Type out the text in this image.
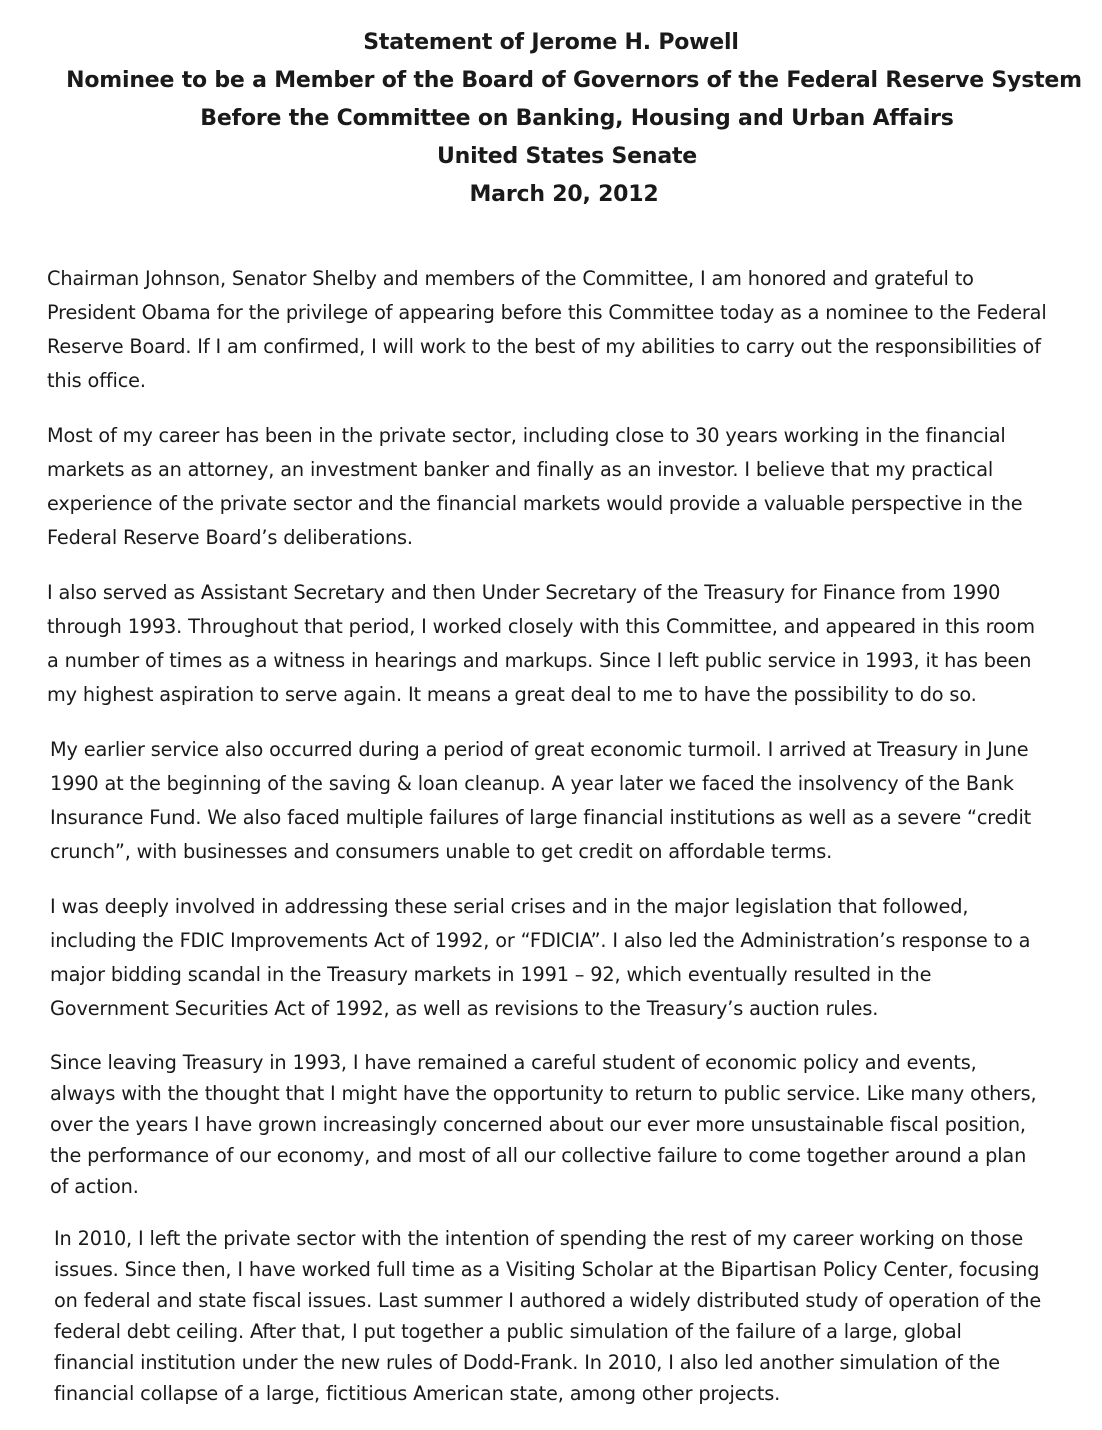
Statement of Jerome H. Powell
Nominee to be a Member of the Board of Governors of the Federal Reserve System
Before the Committee on Banking, Housing and Urban Affairs
United States Senate
March 20, 2012

Chairman Johnson, Senator Shelby and members of the Committee, I am honored and grateful to President Obama for the privilege of appearing before this Committee today as a nominee to the Federal Reserve Board. If I am confirmed, I will work to the best of my abilities to carry out the responsibilities of this office.

Most of my career has been in the private sector, including close to 30 years working in the financial markets as an attorney, an investment banker and finally as an investor. I believe that my practical experience of the private sector and the financial markets would provide a valuable perspective in the Federal Reserve Board’s deliberations.

I also served as Assistant Secretary and then Under Secretary of the Treasury for Finance from 1990 through 1993. Throughout that period, I worked closely with this Committee, and appeared in this room a number of times as a witness in hearings and markups. Since I left public service in 1993, it has been my highest aspiration to serve again. It means a great deal to me to have the possibility to do so.

My earlier service also occurred during a period of great economic turmoil. I arrived at Treasury in June 1990 at the beginning of the saving & loan cleanup. A year later we faced the insolvency of the Bank Insurance Fund. We also faced multiple failures of large financial institutions as well as a severe “credit crunch”, with businesses and consumers unable to get credit on affordable terms.

I was deeply involved in addressing these serial crises and in the major legislation that followed, including the FDIC Improvements Act of 1992, or “FDICIA”. I also led the Administration’s response to a major bidding scandal in the Treasury markets in 1991 – 92, which eventually resulted in the Government Securities Act of 1992, as well as revisions to the Treasury’s auction rules.

Since leaving Treasury in 1993, I have remained a careful student of economic policy and events, always with the thought that I might have the opportunity to return to public service. Like many others, over the years I have grown increasingly concerned about our ever more unsustainable fiscal position, the performance of our economy, and most of all our collective failure to come together around a plan of action.

In 2010, I left the private sector with the intention of spending the rest of my career working on those issues. Since then, I have worked full time as a Visiting Scholar at the Bipartisan Policy Center, focusing on federal and state fiscal issues. Last summer I authored a widely distributed study of operation of the federal debt ceiling. After that, I put together a public simulation of the failure of a large, global financial institution under the new rules of Dodd-Frank. In 2010, I also led another simulation of the financial collapse of a large, fictitious American state, among other projects.
